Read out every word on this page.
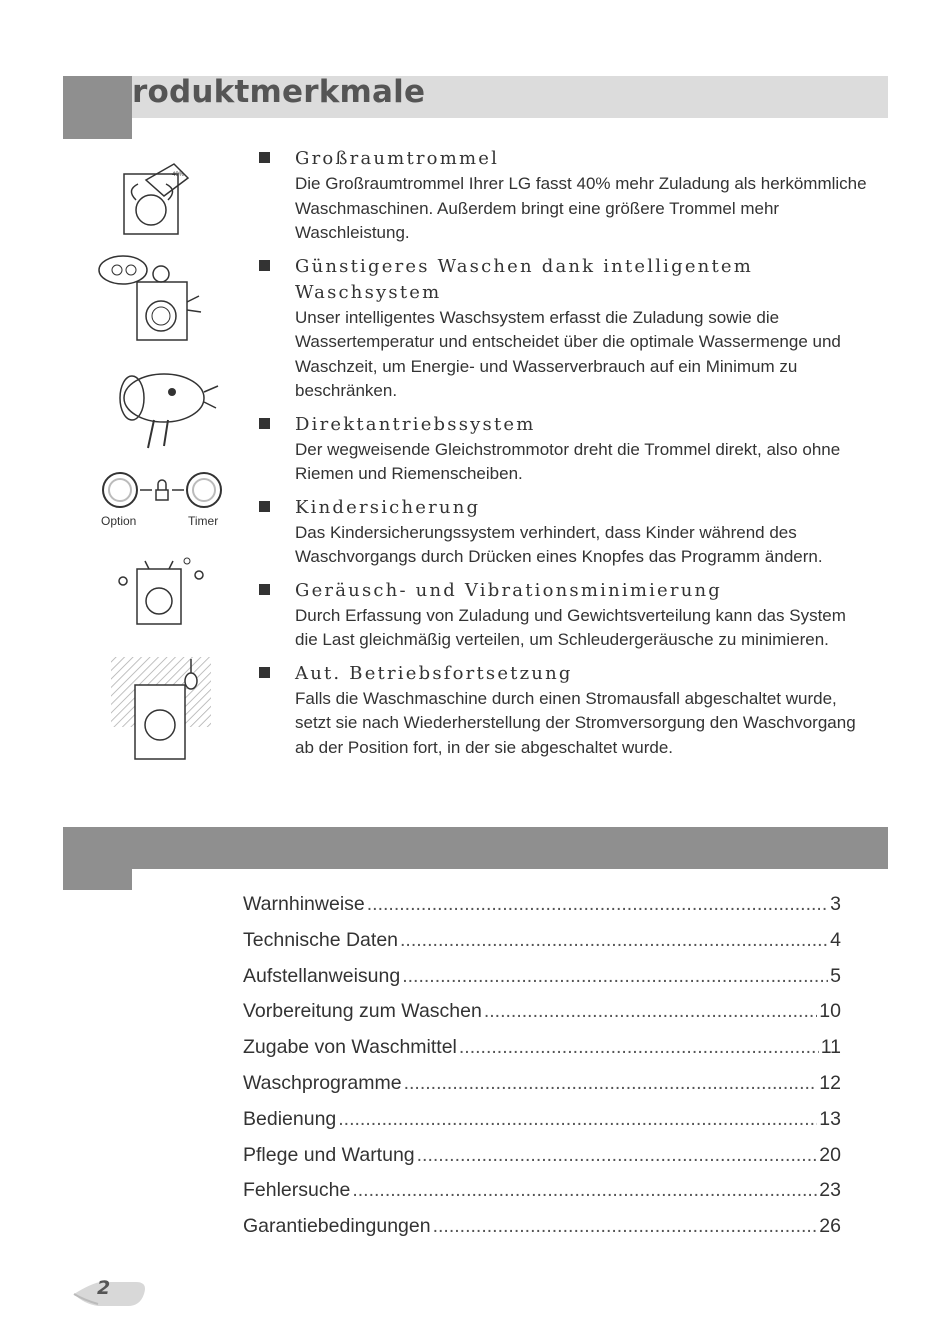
roduktmerkmale
40%
Option	Timer
Großraumtrommel
Die Großraumtrommel Ihrer LG fasst 40% mehr Zuladung als herkömmliche Waschmaschinen. Außerdem bringt eine größere Trommel mehr Waschleistung.
Günstigeres Waschen dank intelligentem Waschsystem
Unser intelligentes Waschsystem erfasst die Zuladung sowie die Wassertemperatur und entscheidet über die optimale Wassermenge und Waschzeit, um Energie- und Wasserverbrauch auf ein Minimum zu beschränken.
Direktantriebssystem
Der wegweisende Gleichstrommotor dreht die Trommel direkt, also ohne Riemen und Riemenscheiben.
Kindersicherung
Das Kindersicherungssystem verhindert, dass Kinder während des Waschvorgangs durch Drücken eines Knopfes das Programm ändern.
Geräusch- und Vibrationsminimierung
Durch Erfassung von Zuladung und Gewichtsverteilung kann das System die Last gleichmäßig verteilen, um Schleudergeräusche zu minimieren.
Aut. Betriebsfortsetzung
Falls die Waschmaschine durch einen Stromausfall abgeschaltet wurde, setzt sie nach Wiederherstellung der Stromversorgung den Waschvorgang ab der Position fort, in der sie abgeschaltet wurde.
Warnhinweise .....	3
Technische Daten .....	4
Aufstellanweisung .....	5
Vorbereitung zum Waschen .....	10
Zugabe von Waschmittel .....	11
Waschprogramme .....	12
Bedienung .....	13
Pflege und Wartung .....	20
Fehlersuche .....	23
Garantiebedingungen .....	26
2
